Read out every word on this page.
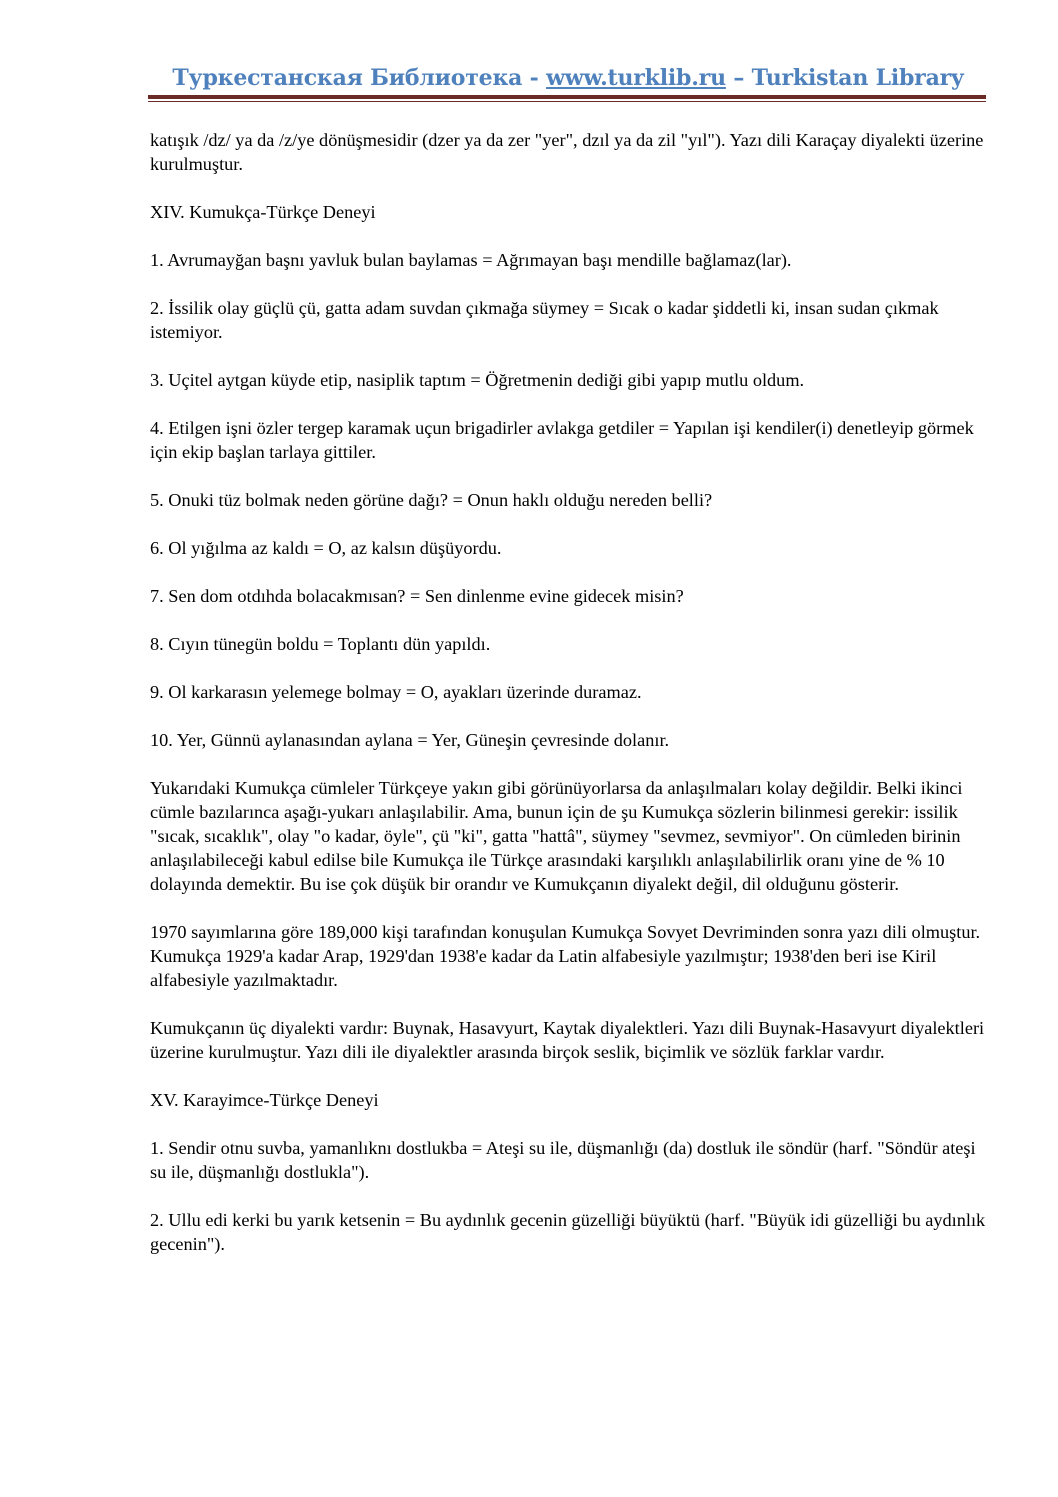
Туркестанская Библиотека - www.turklib.ru – Turkistan Library

katışık /dz/ ya da /z/ye dönüşmesidir (dzer ya da zer "yer", dzıl ya da zil "yıl"). Yazı dili Karaçay diyalekti üzerine kurulmuştur.

XIV. Kumukça-Türkçe Deneyi

1. Avrumayğan başnı yavluk bulan baylamas = Ağrımayan başı mendille bağlamaz(lar).

2. İssilik olay güçlü çü, gatta adam suvdan çıkmağa süymey = Sıcak o kadar şiddetli ki, insan sudan çıkmak istemiyor.

3. Uçitel aytgan küyde etip, nasiplik taptım = Öğretmenin dediği gibi yapıp mutlu oldum.

4. Etilgen işni özler tergep karamak uçun brigadirler avlakga getdiler = Yapılan işi kendiler(i) denetleyip görmek için ekip başlan tarlaya gittiler.

5. Onuki tüz bolmak neden görüne dağı? = Onun haklı olduğu nereden belli?

6. Ol yığılma az kaldı = O, az kalsın düşüyordu.

7. Sen dom otdıhda bolacakmısan? = Sen dinlenme evine gidecek misin?

8. Cıyın tünegün boldu = Toplantı dün yapıldı.

9. Ol karkarasın yelemege bolmay = O, ayakları üzerinde duramaz.

10. Yer, Günnü aylanasından aylana = Yer, Güneşin çevresinde dolanır.

Yukarıdaki Kumukça cümleler Türkçeye yakın gibi görünüyorlarsa da anlaşılmaları kolay değildir. Belki ikinci cümle bazılarınca aşağı-yukarı anlaşılabilir. Ama, bunun için de şu Kumukça sözlerin bilinmesi gerekir: issilik "sıcak, sıcaklık", olay "o kadar, öyle", çü "ki", gatta "hattâ", süymey "sevmez, sevmiyor". On cümleden birinin anlaşılabileceği kabul edilse bile Kumukça ile Türkçe arasındaki karşılıklı anlaşılabilirlik oranı yine de % 10 dolayında demektir. Bu ise çok düşük bir orandır ve Kumukçanın diyalekt değil, dil olduğunu gösterir.

1970 sayımlarına göre 189,000 kişi tarafından konuşulan Kumukça Sovyet Devriminden sonra yazı dili olmuştur. Kumukça 1929'a kadar Arap, 1929'dan 1938'e kadar da Latin alfabesiyle yazılmıştır; 1938'den beri ise Kiril alfabesiyle yazılmaktadır.

Kumukçanın üç diyalekti vardır: Buynak, Hasavyurt, Kaytak diyalektleri. Yazı dili Buynak-Hasavyurt diyalektleri üzerine kurulmuştur. Yazı dili ile diyalektler arasında birçok seslik, biçimlik ve sözlük farklar vardır.

XV. Karayimce-Türkçe Deneyi

1. Sendir otnu suvba, yamanlıknı dostlukba = Ateşi su ile, düşmanlığı (da) dostluk ile söndür (harf. "Söndür ateşi su ile, düşmanlığı dostlukla").

2. Ullu edi kerki bu yarık ketsenin = Bu aydınlık gecenin güzelliği büyüktü (harf. "Büyük idi güzelliği bu aydınlık gecenin").
